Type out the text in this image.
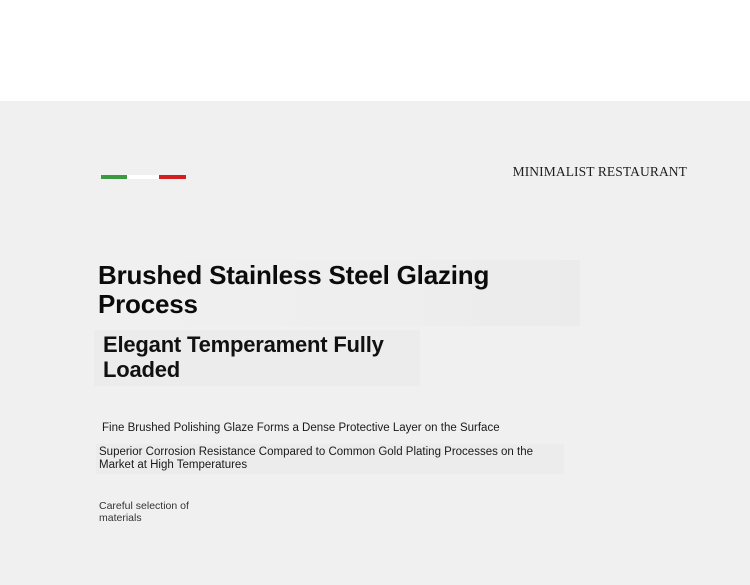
MINIMALIST RESTAURANT
Brushed Stainless Steel Glazing Process
Elegant Temperament Fully Loaded

Fine Brushed Polishing Glaze Forms a Dense Protective Layer on the Surface

Superior Corrosion Resistance Compared to Common Gold Plating Processes on the Market at High Temperatures

Careful selection of materials
